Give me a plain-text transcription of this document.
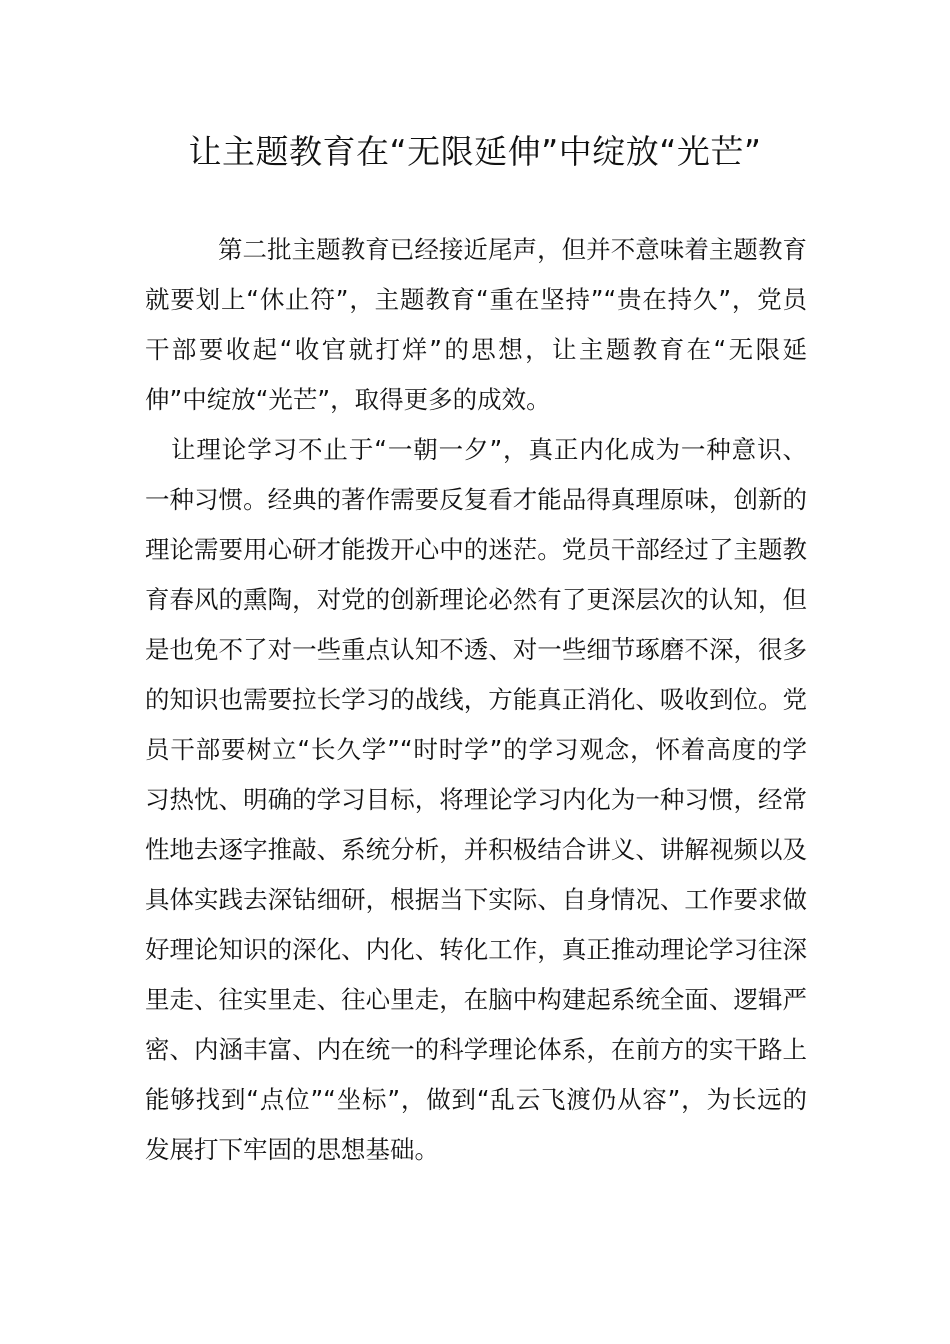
让主题教育在“无限延伸”中绽放“光芒”

第二批主题教育已经接近尾声，但并不意味着主题教育就要划上“休止符”，主题教育“重在坚持”“贵在持久”，党员干部要收起“收官就打烊”的思想，让主题教育在“无限延伸”中绽放“光芒”，取得更多的成效。

让理论学习不止于“一朝一夕”，真正内化成为一种意识、一种习惯。经典的著作需要反复看才能品得真理原味，创新的理论需要用心研才能拨开心中的迷茫。党员干部经过了主题教育春风的熏陶，对党的创新理论必然有了更深层次的认知，但是也免不了对一些重点认知不透、对一些细节琢磨不深，很多的知识也需要拉长学习的战线，方能真正消化、吸收到位。党员干部要树立“长久学”“时时学”的学习观念，怀着高度的学习热忱、明确的学习目标，将理论学习内化为一种习惯，经常性地去逐字推敲、系统分析，并积极结合讲义、讲解视频以及具体实践去深钻细研，根据当下实际、自身情况、工作要求做好理论知识的深化、内化、转化工作，真正推动理论学习往深里走、往实里走、往心里走，在脑中构建起系统全面、逻辑严密、内涵丰富、内在统一的科学理论体系，在前方的实干路上能够找到“点位”“坐标”，做到“乱云飞渡仍从容”，为长远的发展打下牢固的思想基础。
